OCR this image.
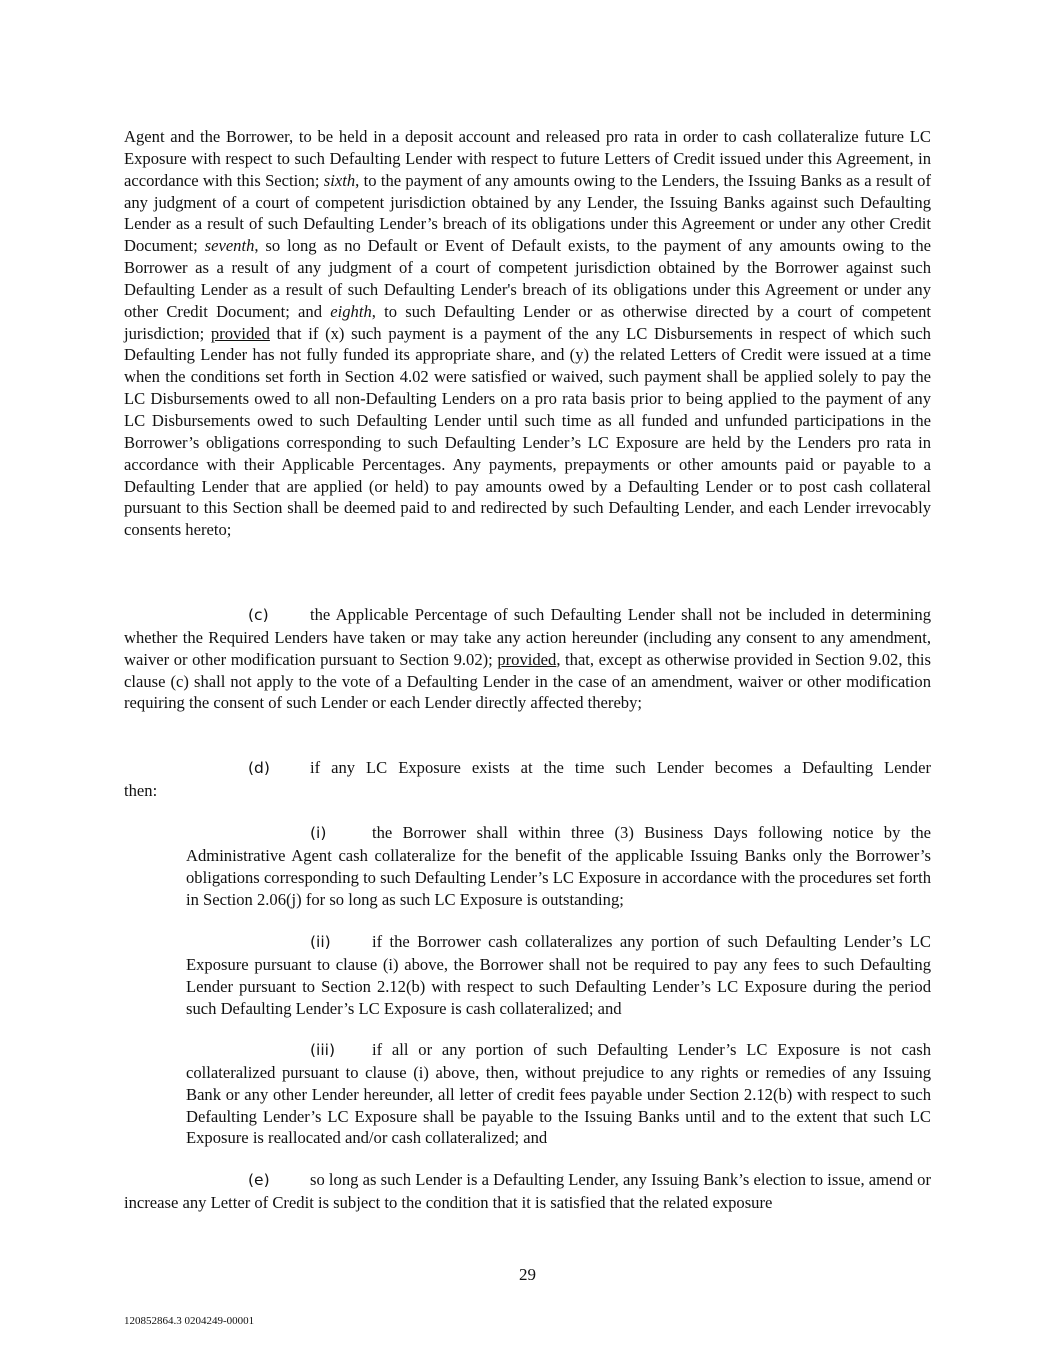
Agent and the Borrower, to be held in a deposit account and released pro rata in order to cash collateralize future LC Exposure with respect to such Defaulting Lender with respect to future Letters of Credit issued under this Agreement, in accordance with this Section; sixth, to the payment of any amounts owing to the Lenders, the Issuing Banks as a result of any judgment of a court of competent jurisdiction obtained by any Lender, the Issuing Banks against such Defaulting Lender as a result of such Defaulting Lender’s breach of its obligations under this Agreement or under any other Credit Document; seventh, so long as no Default or Event of Default exists, to the payment of any amounts owing to the Borrower as a result of any judgment of a court of competent jurisdiction obtained by the Borrower against such Defaulting Lender as a result of such Defaulting Lender's breach of its obligations under this Agreement or under any other Credit Document; and eighth, to such Defaulting Lender or as otherwise directed by a court of competent jurisdiction; provided that if (x) such payment is a payment of the any LC Disbursements in respect of which such Defaulting Lender has not fully funded its appropriate share, and (y) the related Letters of Credit were issued at a time when the conditions set forth in Section 4.02 were satisfied or waived, such payment shall be applied solely to pay the LC Disbursements owed to all non-Defaulting Lenders on a pro rata basis prior to being applied to the payment of any LC Disbursements owed to such Defaulting Lender until such time as all funded and unfunded participations in the Borrower’s obligations corresponding to such Defaulting Lender’s LC Exposure are held by the Lenders pro rata in accordance with their Applicable Percentages. Any payments, prepayments or other amounts paid or payable to a Defaulting Lender that are applied (or held) to pay amounts owed by a Defaulting Lender or to post cash collateral pursuant to this Section shall be deemed paid to and redirected by such Defaulting Lender, and each Lender irrevocably consents hereto;

(c) the Applicable Percentage of such Defaulting Lender shall not be included in determining whether the Required Lenders have taken or may take any action hereunder (including any consent to any amendment, waiver or other modification pursuant to Section 9.02); provided, that, except as otherwise provided in Section 9.02, this clause (c) shall not apply to the vote of a Defaulting Lender in the case of an amendment, waiver or other modification requiring the consent of such Lender or each Lender directly affected thereby;

(d) if any LC Exposure exists at the time such Lender becomes a Defaulting Lender
then:

(i)	the Borrower shall within three (3) Business Days following notice by the Administrative Agent cash collateralize for the benefit of the applicable Issuing Banks only the Borrower’s obligations corresponding to such Defaulting Lender’s LC Exposure in accordance with the procedures set forth in Section 2.06(j) for so long as such LC Exposure is outstanding;

(ii) if the Borrower cash collateralizes any portion of such Defaulting Lender’s LC Exposure pursuant to clause (i) above, the Borrower shall not be required to pay any fees to such Defaulting Lender pursuant to Section 2.12(b) with respect to such Defaulting Lender’s LC Exposure during the period such Defaulting Lender’s LC Exposure is cash collateralized; and

(iii) if all or any portion of such Defaulting Lender’s LC Exposure is not cash collateralized pursuant to clause (i) above, then, without prejudice to any rights or remedies of any Issuing Bank or any other Lender hereunder, all letter of credit fees payable under Section 2.12(b) with respect to such Defaulting Lender’s LC Exposure shall be payable to the Issuing Banks until and to the extent that such LC Exposure is reallocated and/or cash collateralized; and

(e) so long as such Lender is a Defaulting Lender, any Issuing Bank’s election to issue, amend or increase any Letter of Credit is subject to the condition that it is satisfied that the related exposure

29
120852864.3 0204249-00001
